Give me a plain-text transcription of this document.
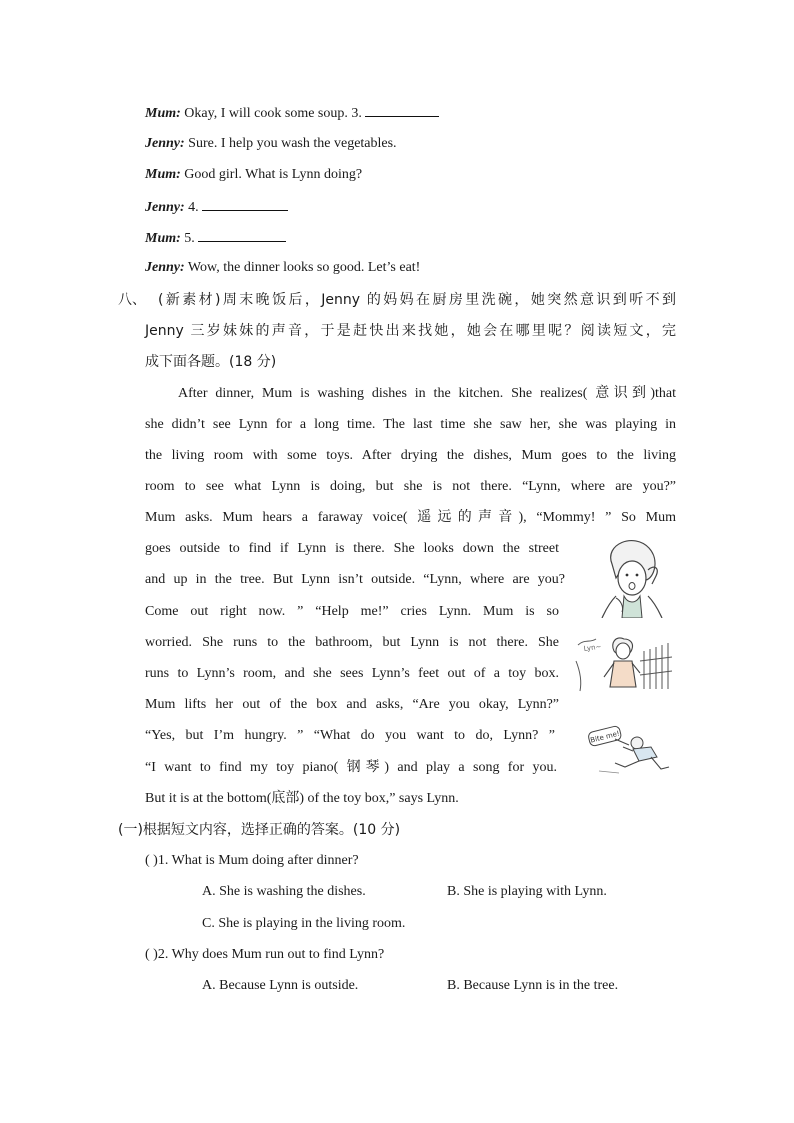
Mum: Okay, I will cook some soup. 3.
Jenny: Sure. I help you wash the vegetables.
Mum: Good girl. What is Lynn doing?
Jenny: 4.
Mum: 5.
Jenny: Wow, the dinner looks so good. Let’s eat!
八、 (新素材)周末晚饭后，Jenny 的妈妈在厨房里洗碗，她突然意识到听不到
Jenny 三岁妹妹的声音，于是赶快出来找她，她会在哪里呢？阅读短文，完
成下面各题。(18 分)
After dinner, Mum is washing dishes in the kitchen. She realizes( 意识到)that
she didn’t see Lynn for a long time. The last time she saw her, she was playing in
the living room with some toys. After drying the dishes, Mum goes to the living
room to see what Lynn is doing, but she is not there. “Lynn, where are you?”
Mum asks. Mum hears a faraway voice( 遥远的声音), “Mommy! ” So Mum
goes outside to find if Lynn is there. She looks down the street
and up in the tree. But Lynn isn’t outside. “Lynn, where are you?
Come out right now. ” “Help me!” cries Lynn. Mum is so
worried. She runs to the bathroom, but Lynn is not there. She
runs to Lynn’s room, and she sees Lynn’s feet out of a toy box.
Mum lifts her out of the box and asks, “Are you okay, Lynn?”
“Yes, but I’m hungry. ” “What do you want to do, Lynn? ”
“I want to find my toy piano( 钢琴) and play a song for you.
But it is at the bottom(底部) of the toy box,” says Lynn.
Lyn~
Bite me!
(一)根据短文内容，选择正确的答案。(10 分)
( )1. What is Mum doing after dinner?
A. She is washing the dishes.	B. She is playing with Lynn.
C. She is playing in the living room.
( )2. Why does Mum run out to find Lynn?
A. Because Lynn is outside.	B. Because Lynn is in the tree.
